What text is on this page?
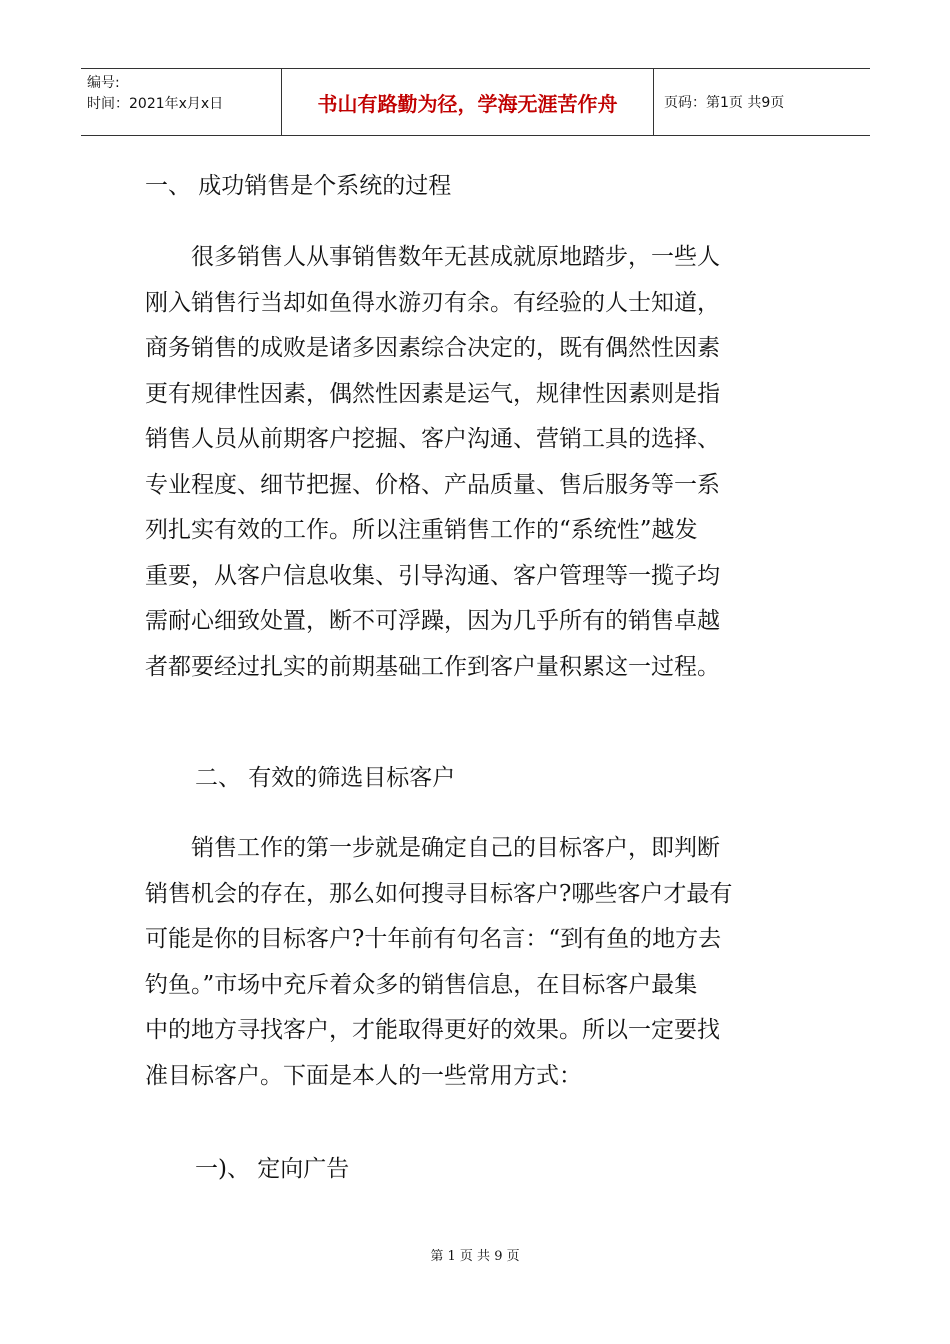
编号:
时间：2021年x月x日	书山有路勤为径，学海无涯苦作舟	页码：第1页 共9页
一、 成功销售是个系统的过程

很多销售人从事销售数年无甚成就原地踏步，一些人

刚入销售行当却如鱼得水游刃有余。有经验的人士知道，

商务销售的成败是诸多因素综合决定的，既有偶然性因素

更有规律性因素，偶然性因素是运气，规律性因素则是指

销售人员从前期客户挖掘、客户沟通、营销工具的选择、

专业程度、细节把握、价格、产品质量、售后服务等一系

列扎实有效的工作。所以注重销售工作的“系统性”越发

重要，从客户信息收集、引导沟通、客户管理等一揽子均

需耐心细致处置，断不可浮躁，因为几乎所有的销售卓越

者都要经过扎实的前期基础工作到客户量积累这一过程。

二、 有效的筛选目标客户

销售工作的第一步就是确定自己的目标客户，即判断

销售机会的存在，那么如何搜寻目标客户?哪些客户才最有

可能是你的目标客户?十年前有句名言：“到有鱼的地方去

钓鱼。”市场中充斥着众多的销售信息，在目标客户最集

中的地方寻找客户，才能取得更好的效果。所以一定要找

准目标客户。下面是本人的一些常用方式：

一)、 定向广告
第 1 页 共 9 页
